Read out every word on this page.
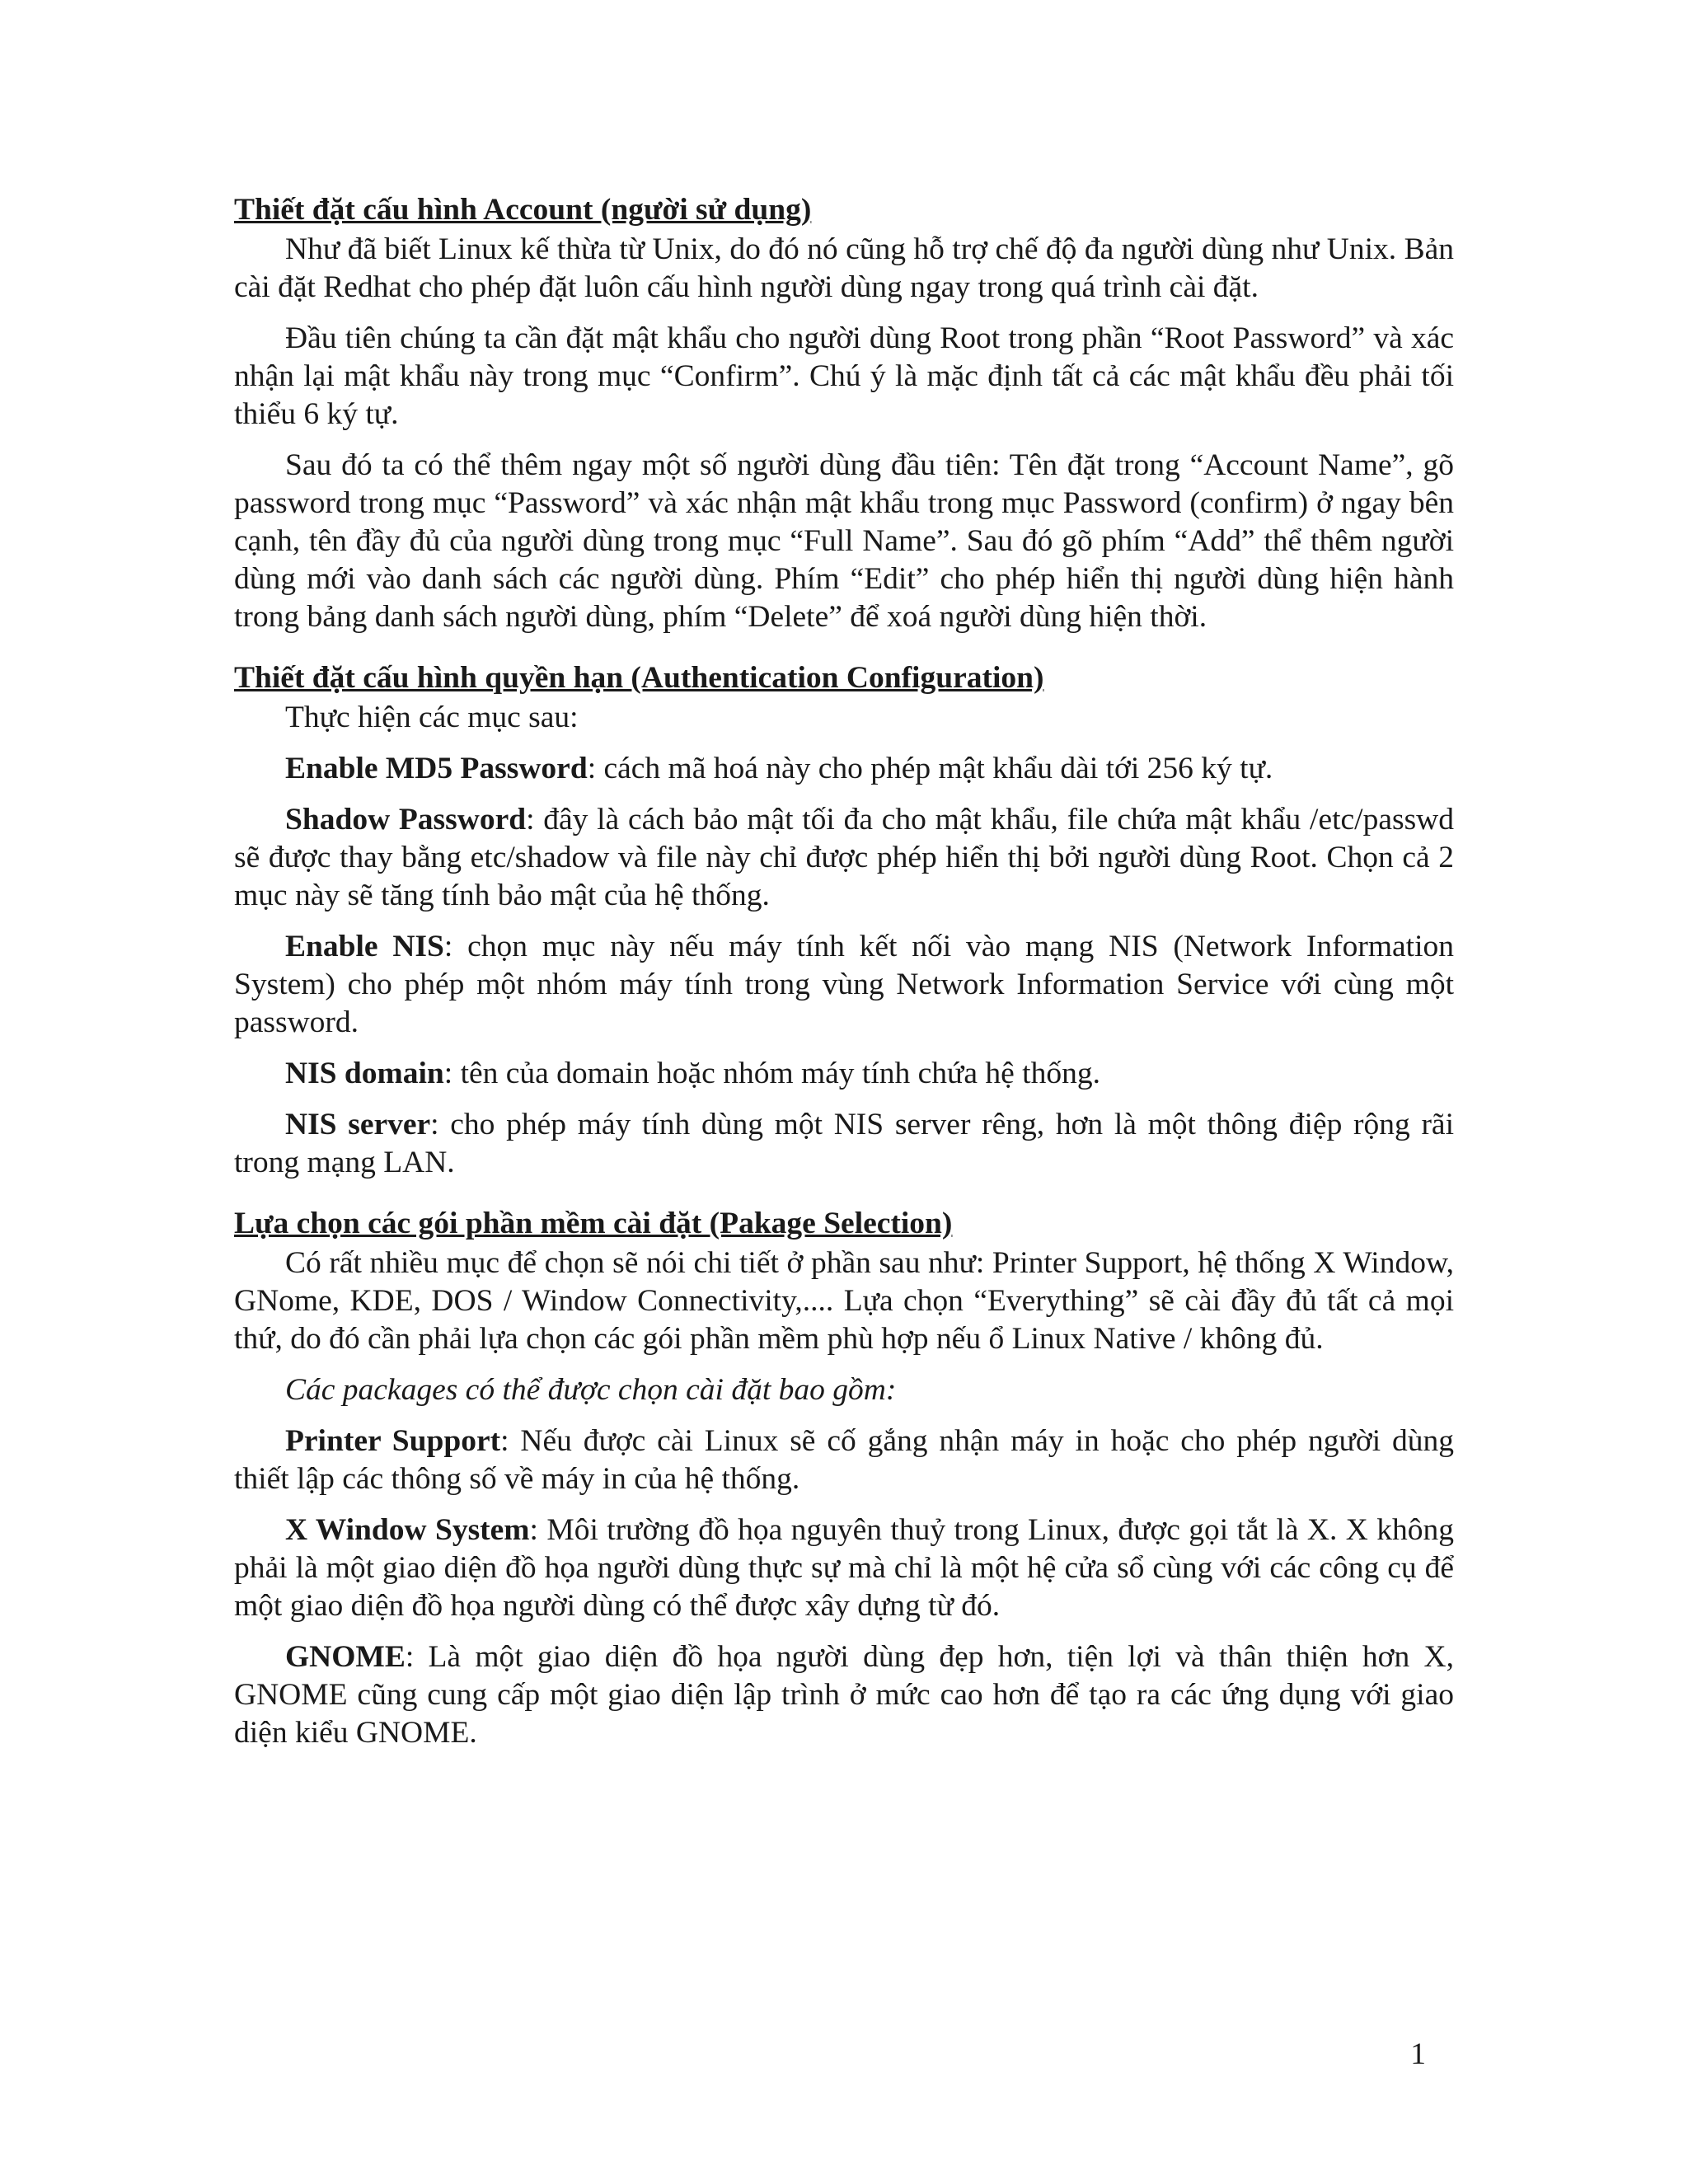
Thiết đặt cấu hình Account (người sử dụng)

Như đã biết Linux kế thừa từ Unix, do đó nó cũng hỗ trợ chế độ đa người dùng như Unix. Bản cài đặt Redhat cho phép đặt luôn cấu hình người dùng ngay trong quá trình cài đặt.

Đầu tiên chúng ta cần đặt mật khẩu cho người dùng Root trong phần “Root Password” và xác nhận lại mật khẩu này trong mục “Confirm”. Chú ý là mặc định tất cả các mật khẩu đều phải tối thiểu 6 ký tự.

Sau đó ta có thể thêm ngay một số người dùng đầu tiên: Tên đặt trong “Account Name”, gõ password trong mục “Password” và xác nhận mật khẩu trong mục Password (confirm) ở ngay bên cạnh, tên đầy đủ của người dùng trong mục “Full Name”. Sau đó gõ phím “Add” thể thêm người dùng mới vào danh sách các người dùng. Phím “Edit” cho phép hiển thị người dùng hiện hành trong bảng danh sách người dùng, phím “Delete” để xoá người dùng hiện thời.

Thiết đặt cấu hình quyền hạn (Authentication Configuration)

Thực hiện các mục sau:

Enable MD5 Password: cách mã hoá này cho phép mật khẩu dài tới 256 ký tự.

Shadow Password: đây là cách bảo mật tối đa cho mật khẩu, file chứa mật khẩu /etc/passwd sẽ được thay bằng etc/shadow và file này chỉ được phép hiển thị bởi người dùng Root. Chọn cả 2 mục này sẽ tăng tính bảo mật của hệ thống.

Enable NIS: chọn mục này nếu máy tính kết nối vào mạng NIS (Network Information System) cho phép một nhóm máy tính trong vùng Network Information Service với cùng một password.

NIS domain: tên của domain hoặc nhóm máy tính chứa hệ thống.

NIS server: cho phép máy tính dùng một NIS server rêng, hơn là một thông điệp rộng rãi trong mạng LAN.

Lựa chọn các gói phần mềm cài đặt (Pakage Selection)

Có rất nhiều mục để chọn sẽ nói chi tiết ở phần sau như: Printer Support, hệ thống X Window, GNome, KDE, DOS / Window Connectivity,.... Lựa chọn “Everything” sẽ cài đầy đủ tất cả mọi thứ, do đó cần phải lựa chọn các gói phần mềm phù hợp nếu ổ Linux Native / không đủ.

Các packages có thể được chọn cài đặt bao gồm:

Printer Support: Nếu được cài Linux sẽ cố gắng nhận máy in hoặc cho phép người dùng thiết lập các thông số về máy in của hệ thống.

X Window System: Môi trường đồ họa nguyên thuỷ trong Linux, được gọi tắt là X. X không phải là một giao diện đồ họa người dùng thực sự mà chỉ là một hệ cửa sổ cùng với các công cụ để một giao diện đồ họa người dùng có thể được xây dựng từ đó.

GNOME: Là một giao diện đồ họa người dùng đẹp hơn, tiện lợi và thân thiện hơn X, GNOME cũng cung cấp một giao diện lập trình ở mức cao hơn để tạo ra các ứng dụng với giao diện kiểu GNOME.

1
